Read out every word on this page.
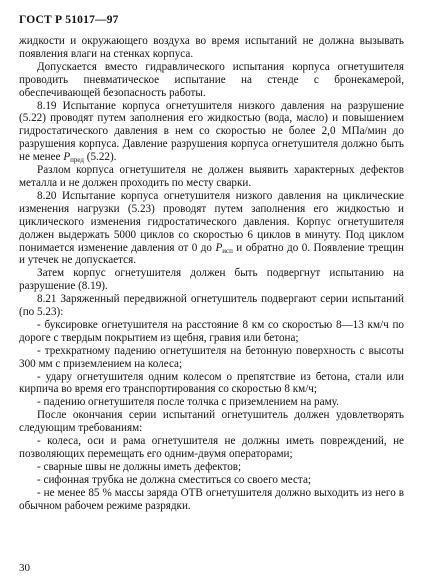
ГОСТ Р 51017—97

жидкости и окружающего воздуха во время испытаний не должна вызывать появления влаги на стенках корпуса.

Допускается вместо гидравлического испытания корпуса огнетушителя проводить пневматическое испытание на стенде с бронекамерой, обеспечивающей безопасность работы.

8.19 Испытание корпуса огнетушителя низкого давления на разрушение (5.22) проводят путем заполнения его жидкостью (вода, масло) и повышением гидростатического давления в нем со скоростью не более 2,0 МПа/мин до разрушения корпуса. Давление разрушения корпуса огнетушителя должно быть не менее $P_{пред}$ (5.22).

Разлом корпуса огнетушителя не должен выявить характерных дефектов металла и не должен проходить по месту сварки.

8.20 Испытание корпуса огнетушителя низкого давления на циклические изменения нагрузки (5.23) проводят путем заполнения его жидкостью и циклического изменения гидростатического давления. Корпус огнетушителя должен выдержать 5000 циклов со скоростью 6 циклов в минуту. Под циклом понимается изменение давления от 0 до $P_{исп}$ и обратно до 0. Появление трещин и утечек не допускается.

Затем корпус огнетушителя должен быть подвергнут испытанию на разрушение (8.19).

8.21 Заряженный передвижной огнетушитель подвергают серии испытаний (по 5.23):

- буксировке огнетушителя на расстояние 8 км со скоростью 8—13 км/ч по дороге с твердым покрытием из щебня, гравия или бетона;

- трехкратному падению огнетушителя на бетонную поверхность с высоты 300 мм с приземлением на колеса;

- удару огнетушителя одним колесом о препятствие из бетона, стали или кирпича во время его транспортирования со скоростью 8 км/ч;

- падению огнетушителя после толчка с приземлением на раму.

После окончания серии испытаний огнетушитель должен удовлетворять следующим требованиям:

- колеса, оси и рама огнетушителя не должны иметь повреждений, не позволяющих перемещать его одним-двумя операторами;

- сварные швы не должны иметь дефектов;

- сифонная трубка не должна сместиться со своего места;

- не менее 85 % массы заряда ОТВ огнетушителя должно выходить из него в обычном рабочем режиме разрядки.

30
